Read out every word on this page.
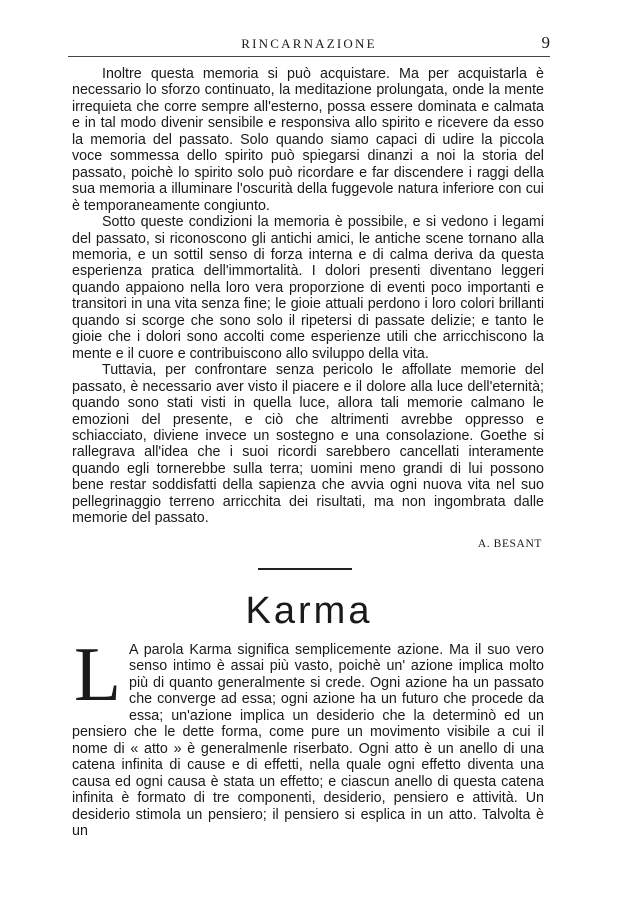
RINCARNAZIONE	9

Inoltre questa memoria si può acquistare. Ma per acquistarla è necessario lo sforzo continuato, la meditazione prolungata, onde la mente irrequieta che corre sempre all'esterno, possa essere dominata e calmata e in tal modo divenir sensibile e responsiva allo spirito e ricevere da esso la memoria del passato. Solo quando siamo capaci di udire la piccola voce sommessa dello spirito può spiegarsi dinanzi a noi la storia del passato, poichè lo spirito solo può ricordare e far discendere i raggi della sua memoria a illuminare l'oscurità della fuggevole natura inferiore con cui è temporaneamente congiunto.

Sotto queste condizioni la memoria è possibile, e si vedono i legami del passato, si riconoscono gli antichi amici, le antiche scene tornano alla memoria, e un sottil senso di forza interna e di calma deriva da questa esperienza pratica dell'immortalità. I dolori presenti diventano leggeri quando appaiono nella loro vera proporzione di eventi poco importanti e transitori in una vita senza fine; le gioie attuali perdono i loro colori brillanti quando si scorge che sono solo il ripetersi di passate delizie; e tanto le gioie che i dolori sono accolti come esperienze utili che arricchiscono la mente e il cuore e contribuiscono allo sviluppo della vita.

Tuttavia, per confrontare senza pericolo le affollate memorie del passato, è necessario aver visto il piacere e il dolore alla luce dell'eternità; quando sono stati visti in quella luce, allora tali memorie calmano le emozioni del presente, e ciò che altrimenti avrebbe oppresso e schiacciato, diviene invece un sostegno e una consolazione. Goethe si rallegrava all'idea che i suoi ricordi sarebbero cancellati interamente quando egli tornerebbe sulla terra; uomini meno grandi di lui possono bene restar soddisfatti della sapienza che avvia ogni nuova vita nel suo pellegrinaggio terreno arricchita dei risultati, ma non ingombrata dalle memorie del passato.

A. BESANT
Karma

L A parola Karma significa semplicemente azione. Ma il suo vero senso intimo è assai più vasto, poichè un' azione implica molto più di quanto generalmente si crede. Ogni azione ha un passato che converge ad essa; ogni azione ha un futuro che procede da essa; un'azione implica un desiderio che la determinò ed un pensiero che le dette forma, come pure un movimento visibile a cui il nome di « atto » è generalmenle riserbato. Ogni atto è un anello di una catena infinita di cause e di effetti, nella quale ogni effetto diventa una causa ed ogni causa è stata un effetto; e ciascun anello di questa catena infinita è formato di tre componenti, desiderio, pensiero e attività. Un desiderio stimola un pensiero; il pensiero si esplica in un atto. Talvolta è un
